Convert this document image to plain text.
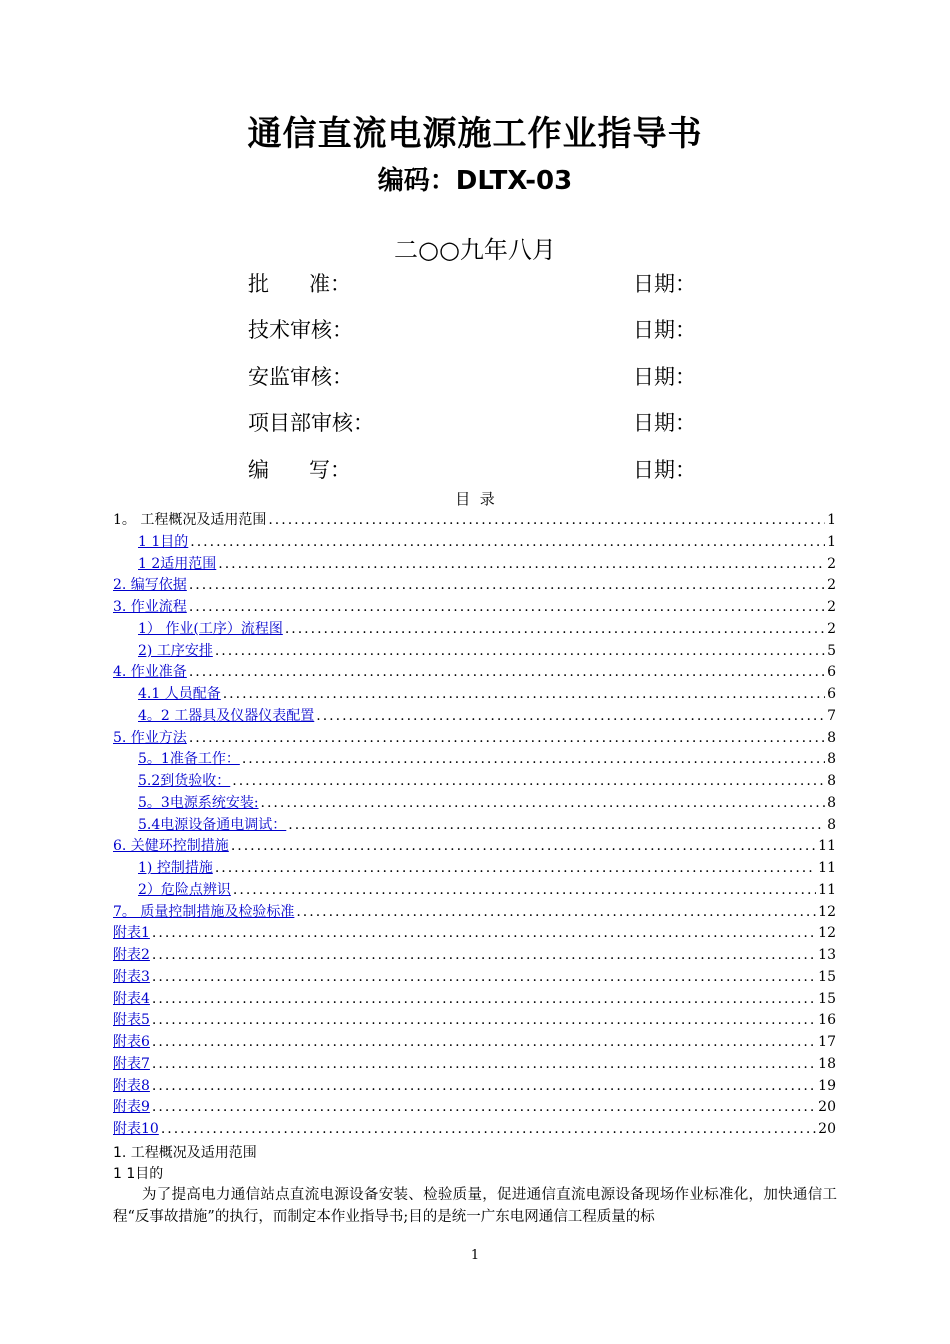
通信直流电源施工作业指导书
编码：DLTX-03
二○○九年八月
批      准：	日期：
技术审核：	日期：
安监审核：	日期：
项目部审核：	日期：
编      写：	日期：
目  录
1。 工程概况及适用范围 .....	1
1 1目的 .....	1
1 2适用范围 .....	2
2. 编写依据 .....	2
3. 作业流程 .....	2
1） 作业(工序）流程图 .....	2
2) 工序安排 .....	5
4. 作业准备 .....	6
4.1 人员配备 .....	6
4。2 工器具及仪器仪表配置 .....	7
5. 作业方法 .....	8
5。1准备工作： .....	8
5.2到货验收： .....	8
5。3电源系统安装: .....	8
5.4电源设备通电调试： .....	8
6. 关健环控制措施 .....	11
1) 控制措施 .....	11
2）危险点辨识 .....	11
7。 质量控制措施及检验标准 .....	12
附表1 .....	12
附表2 .....	13
附表3 .....	15
附表4 .....	15
附表5 .....	16
附表6 .....	17
附表7 .....	18
附表8 .....	19
附表9 .....	20
附表10 .....	20
1. 工程概况及适用范围
1 1目的
为了提高电力通信站点直流电源设备安装、检验质量，促进通信直流电源设备现场作业标准化，加快通信工程“反事故措施”的执行，而制定本作业指导书;目的是统一广东电网通信工程质量的标
1
